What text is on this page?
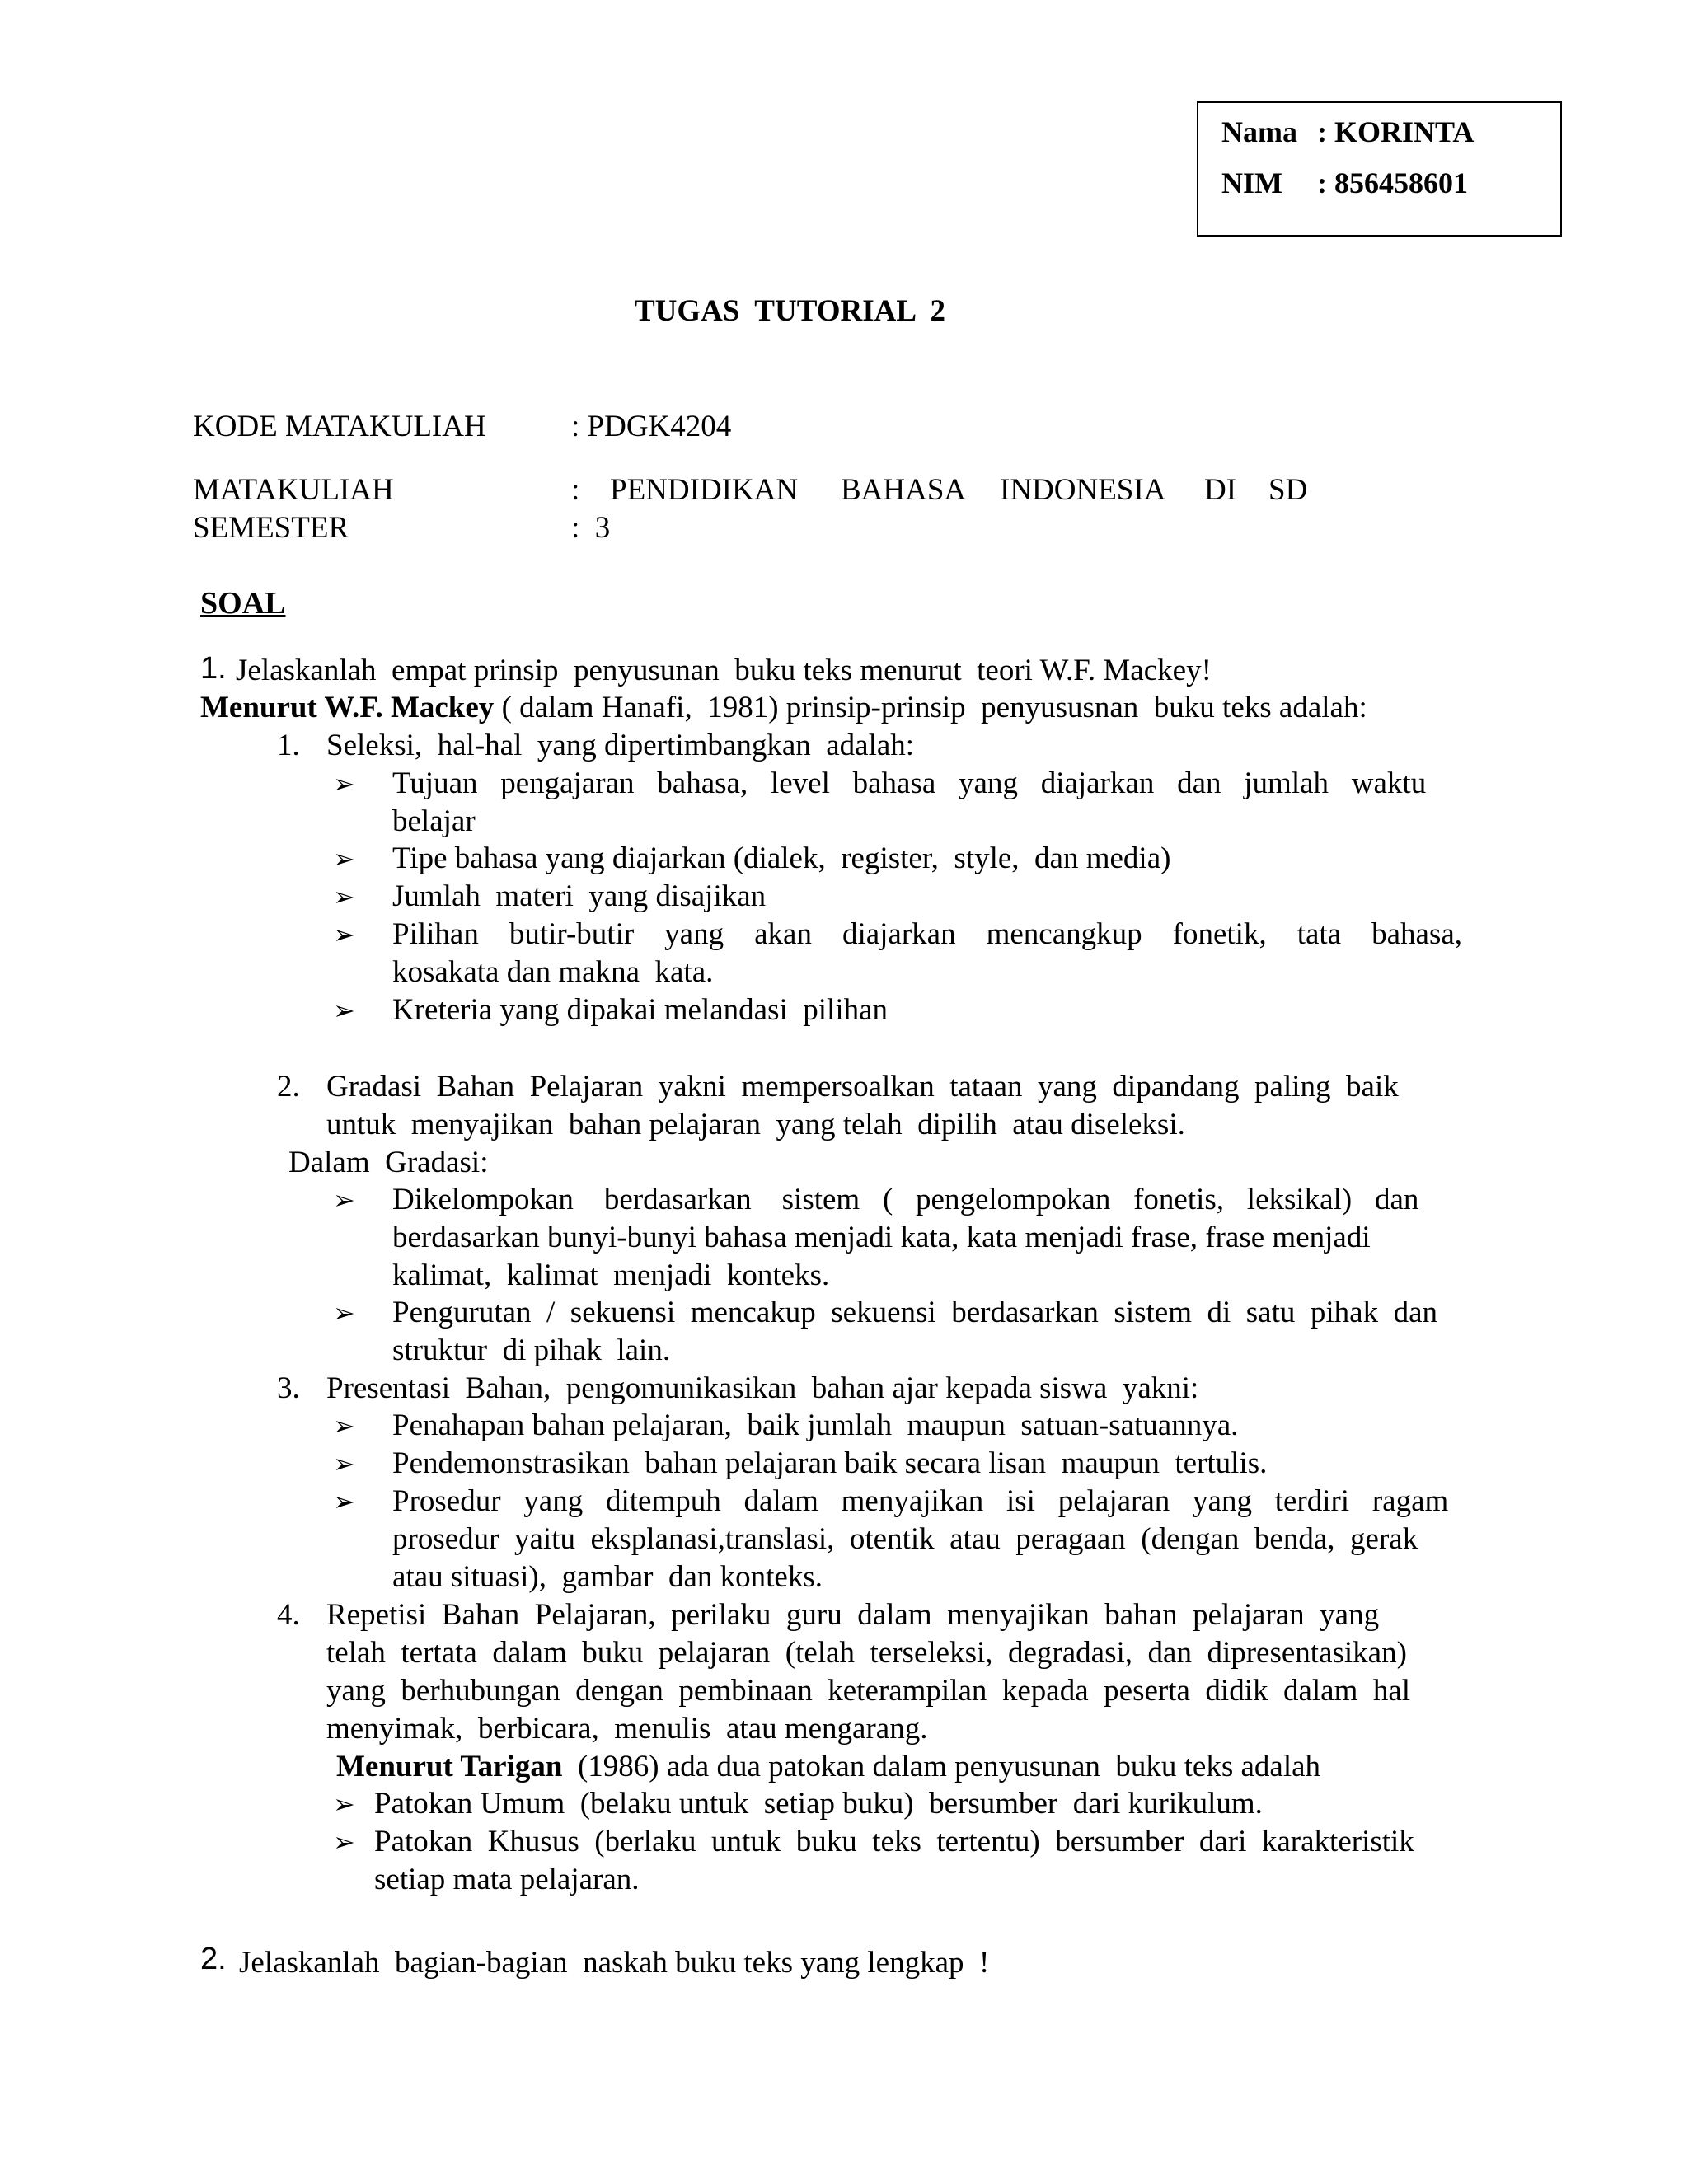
Nama : KORINTA
NIM : 856458601
TUGAS  TUTORIAL  2
KODE MATAKULIAH	: PDGK4204
MATAKULIAH	: PENDIDIKAN BAHASA INDONESIA DI SD
SEMESTER	:  3
SOAL
1. Jelaskanlah  empat prinsip  penyusunan  buku teks menurut  teori W.F. Mackey!
Menurut W.F. Mackey ( dalam Hanafi,  1981) prinsip-prinsip  penyususnan  buku teks adalah:
1. Seleksi,  hal-hal  yang dipertimbangkan  adalah:
➢ Tujuan   pengajaran   bahasa,   level   bahasa   yang   diajarkan   dan   jumlah   waktu
belajar
➢ Tipe bahasa yang diajarkan (dialek,  register,  style,  dan media)
➢ Jumlah  materi  yang disajikan
➢ Pilihan    butir-butir    yang    akan    diajarkan    mencangkup    fonetik,    tata    bahasa,
kosakata dan makna  kata.
➢ Kreteria yang dipakai melandasi  pilihan
2. Gradasi  Bahan  Pelajaran  yakni  mempersoalkan  tataan  yang  dipandang  paling  baik
untuk  menyajikan  bahan pelajaran  yang telah  dipilih  atau diseleksi.
Dalam  Gradasi:
➢ Dikelompokan    berdasarkan    sistem   (   pengelompokan   fonetis,   leksikal)   dan
berdasarkan bunyi-bunyi bahasa menjadi kata, kata menjadi frase, frase menjadi
kalimat,  kalimat  menjadi  konteks.
➢ Pengurutan  /  sekuensi  mencakup  sekuensi  berdasarkan  sistem  di  satu  pihak  dan
struktur  di pihak  lain.
3. Presentasi  Bahan,  pengomunikasikan  bahan ajar kepada siswa  yakni:
➢ Penahapan bahan pelajaran,  baik jumlah  maupun  satuan-satuannya.
➢ Pendemonstrasikan  bahan pelajaran baik secara lisan  maupun  tertulis.
➢ Prosedur   yang   ditempuh   dalam   menyajikan   isi   pelajaran   yang   terdiri   ragam
prosedur  yaitu  eksplanasi,translasi,  otentik  atau  peragaan  (dengan  benda,  gerak
atau situasi),  gambar  dan konteks.
4. Repetisi  Bahan  Pelajaran,  perilaku  guru  dalam  menyajikan  bahan  pelajaran  yang
telah  tertata  dalam  buku  pelajaran  (telah  terseleksi,  degradasi,  dan  dipresentasikan)
yang  berhubungan  dengan  pembinaan  keterampilan  kepada  peserta  didik  dalam  hal
menyimak,  berbicara,  menulis  atau mengarang.
Menurut Tarigan  (1986) ada dua patokan dalam penyusunan  buku teks adalah
➢ Patokan Umum  (belaku untuk  setiap buku)  bersumber  dari kurikulum.
➢ Patokan  Khusus  (berlaku  untuk  buku  teks  tertentu)  bersumber  dari  karakteristik
setiap mata pelajaran.
2. Jelaskanlah  bagian-bagian  naskah buku teks yang lengkap  !
